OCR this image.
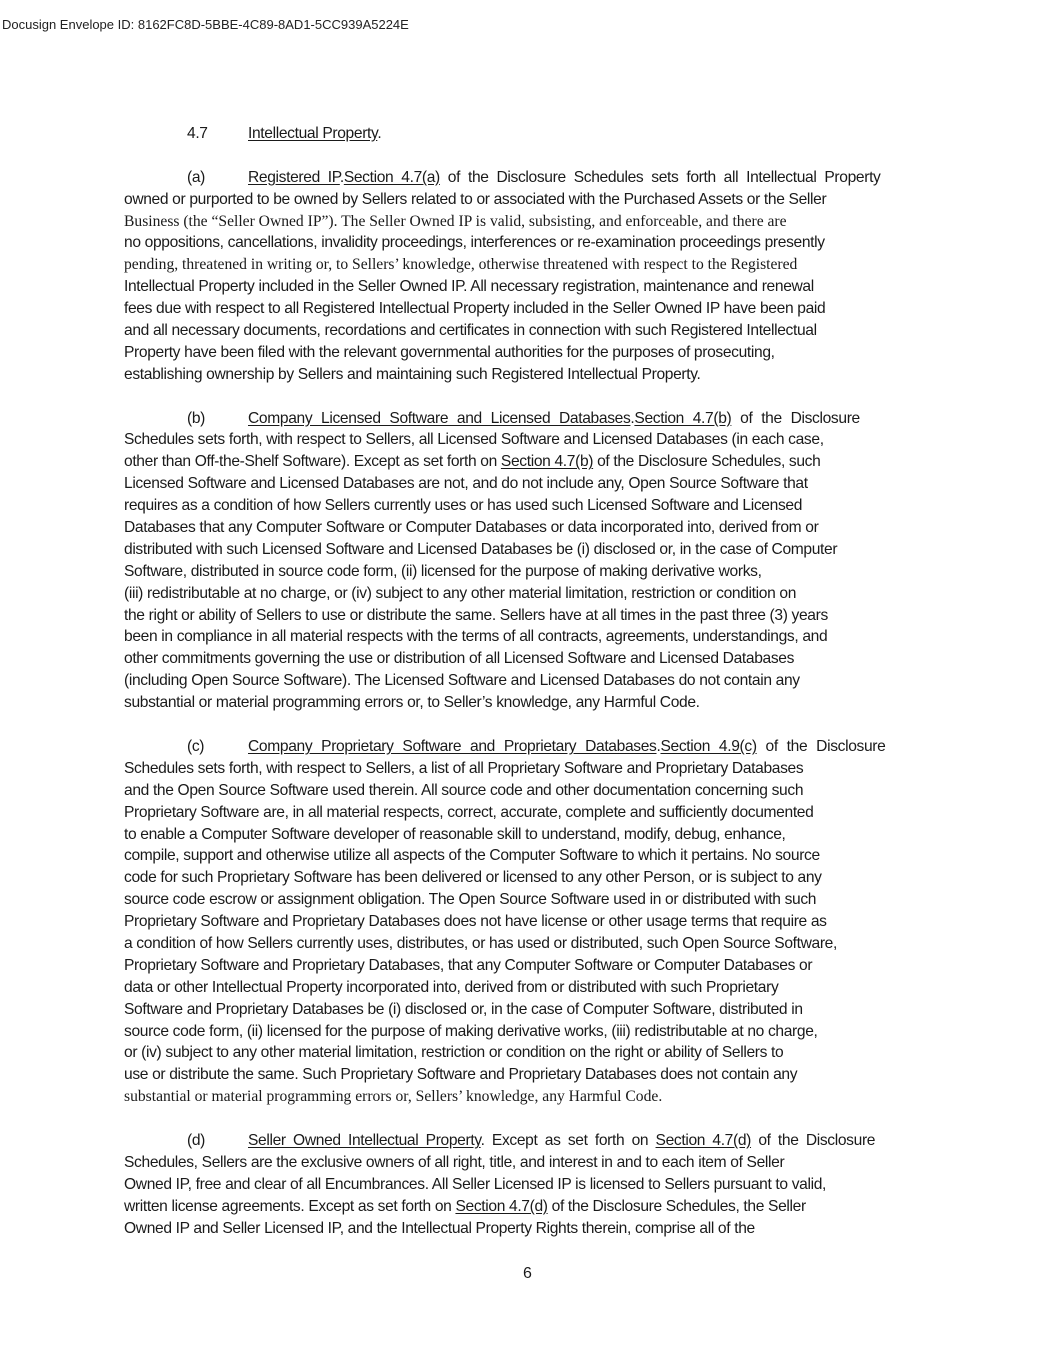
Docusign Envelope ID: 8162FC8D-5BBE-4C89-8AD1-5CC939A5224E
4.7	Intellectual Property.
(a)	Registered IP.Section 4.7(a) of the Disclosure Schedules sets forth all Intellectual Property
owned or purported to be owned by Sellers related to or associated with the Purchased Assets or the Seller
Business (the “Seller Owned IP”). The Seller Owned IP is valid, subsisting, and enforceable, and there are
no oppositions, cancellations, invalidity proceedings, interferences or re-examination proceedings presently
pending, threatened in writing or, to Sellers’ knowledge, otherwise threatened with respect to the Registered
Intellectual Property included in the Seller Owned IP. All necessary registration, maintenance and renewal
fees due with respect to all Registered Intellectual Property included in the Seller Owned IP have been paid
and all necessary documents, recordations and certificates in connection with such Registered Intellectual
Property have been filed with the relevant governmental authorities for the purposes of prosecuting,
establishing ownership by Sellers and maintaining such Registered Intellectual Property.
(b)	Company Licensed Software and Licensed Databases.Section 4.7(b) of the Disclosure
Schedules sets forth, with respect to Sellers, all Licensed Software and Licensed Databases (in each case,
other than Off-the-Shelf Software). Except as set forth on Section 4.7(b) of the Disclosure Schedules, such
Licensed Software and Licensed Databases are not, and do not include any, Open Source Software that
requires as a condition of how Sellers currently uses or has used such Licensed Software and Licensed
Databases that any Computer Software or Computer Databases or data incorporated into, derived from or
distributed with such Licensed Software and Licensed Databases be (i) disclosed or, in the case of Computer
Software, distributed in source code form, (ii) licensed for the purpose of making derivative works,
(iii) redistributable at no charge, or (iv) subject to any other material limitation, restriction or condition on
the right or ability of Sellers to use or distribute the same. Sellers have at all times in the past three (3) years
been in compliance in all material respects with the terms of all contracts, agreements, understandings, and
other commitments governing the use or distribution of all Licensed Software and Licensed Databases
(including Open Source Software). The Licensed Software and Licensed Databases do not contain any
substantial or material programming errors or, to Seller’s knowledge, any Harmful Code.
(c)	Company Proprietary Software and Proprietary Databases.Section 4.9(c) of the Disclosure
Schedules sets forth, with respect to Sellers, a list of all Proprietary Software and Proprietary Databases
and the Open Source Software used therein. All source code and other documentation concerning such
Proprietary Software are, in all material respects, correct, accurate, complete and sufficiently documented
to enable a Computer Software developer of reasonable skill to understand, modify, debug, enhance,
compile, support and otherwise utilize all aspects of the Computer Software to which it pertains. No source
code for such Proprietary Software has been delivered or licensed to any other Person, or is subject to any
source code escrow or assignment obligation. The Open Source Software used in or distributed with such
Proprietary Software and Proprietary Databases does not have license or other usage terms that require as
a condition of how Sellers currently uses, distributes, or has used or distributed, such Open Source Software,
Proprietary Software and Proprietary Databases, that any Computer Software or Computer Databases or
data or other Intellectual Property incorporated into, derived from or distributed with such Proprietary
Software and Proprietary Databases be (i) disclosed or, in the case of Computer Software, distributed in
source code form, (ii) licensed for the purpose of making derivative works, (iii) redistributable at no charge,
or (iv) subject to any other material limitation, restriction or condition on the right or ability of Sellers to
use or distribute the same. Such Proprietary Software and Proprietary Databases does not contain any
substantial or material programming errors or, Sellers’ knowledge, any Harmful Code.
(d)	Seller Owned Intellectual Property. Except as set forth on Section 4.7(d) of the Disclosure
Schedules, Sellers are the exclusive owners of all right, title, and interest in and to each item of Seller
Owned IP, free and clear of all Encumbrances. All Seller Licensed IP is licensed to Sellers pursuant to valid,
written license agreements. Except as set forth on Section 4.7(d) of the Disclosure Schedules, the Seller
Owned IP and Seller Licensed IP, and the Intellectual Property Rights therein, comprise all of the
6
